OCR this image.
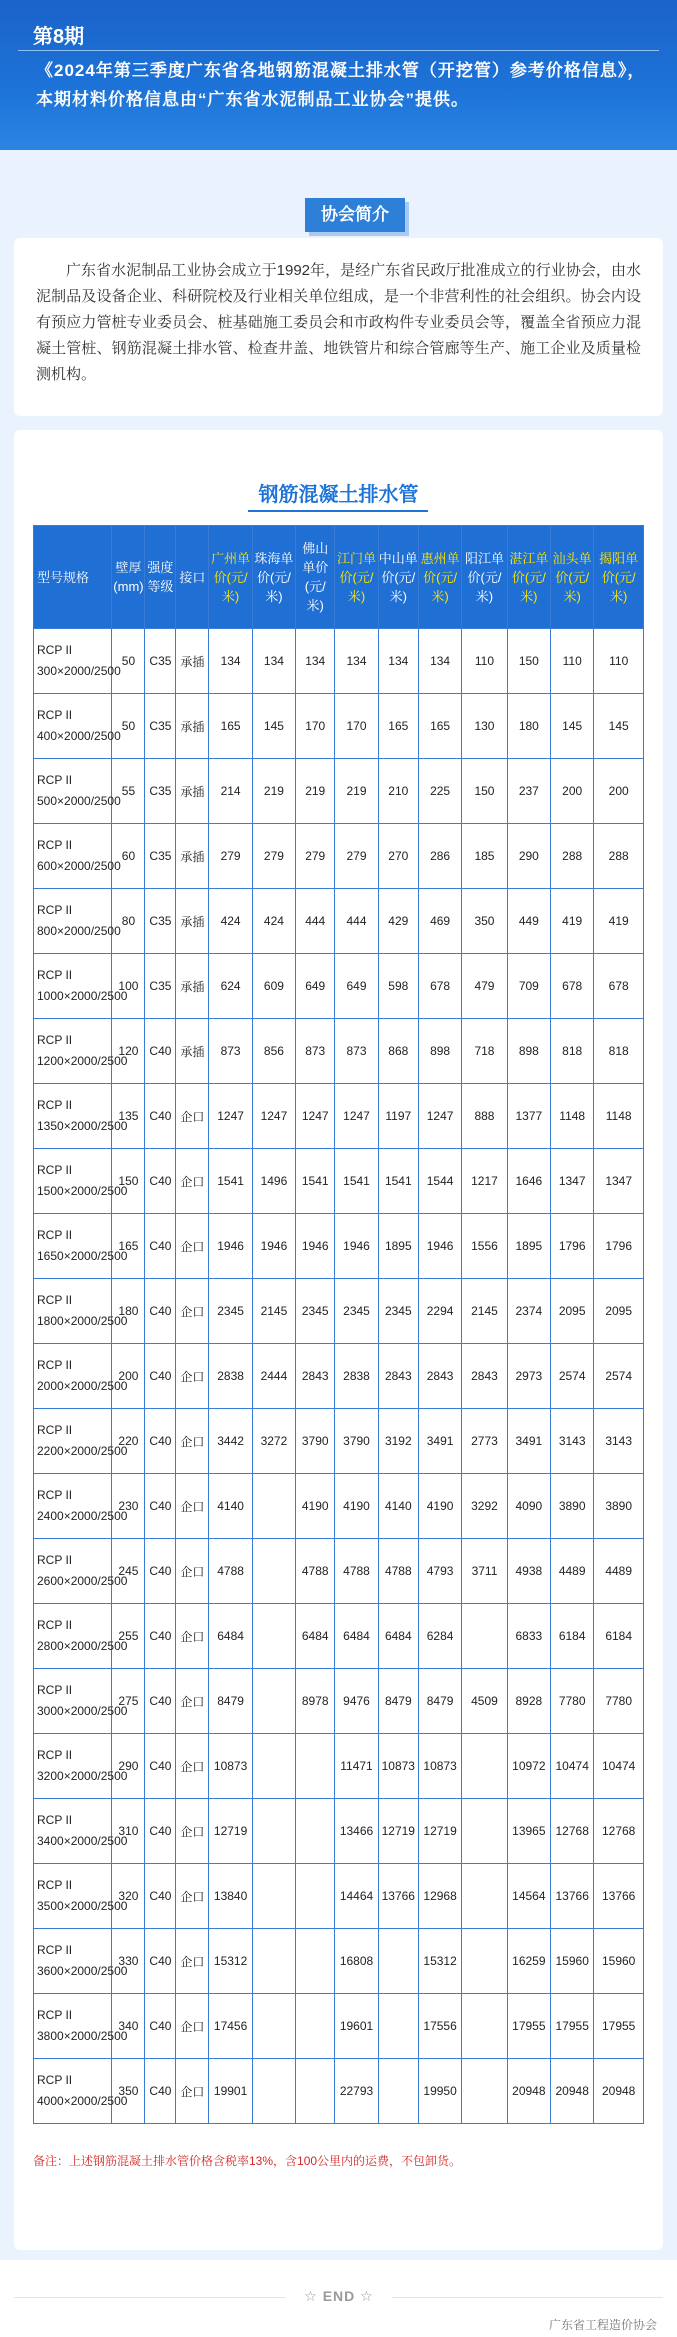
第8期
《2024年第三季度广东省各地钢筋混凝土排水管（开挖管）参考价格信息》，本期材料价格信息由“广东省水泥制品工业协会”提供。
协会简介
广东省水泥制品工业协会成立于1992年，是经广东省民政厅批准成立的行业协会，由水泥制品及设备企业、科研院校及行业相关单位组成，是一个非营利性的社会组织。协会内设有预应力管桩专业委员会、桩基础施工委员会和市政构件专业委员会等，覆盖全省预应力混凝土管桩、钢筋混凝土排水管、检查井盖、地铁管片和综合管廊等生产、施工企业及质量检测机构。
钢筋混凝土排水管
型号规格	壁厚(mm)	强度等级	接口	广州单价(元/米)	珠海单价(元/米)	佛山单价(元/米)	江门单价(元/米)	中山单价(元/米)	惠州单价(元/米)	阳江单价(元/米)	湛江单价(元/米)	汕头单价(元/米)	揭阳单价(元/米)
RCP II 300×2000/2500	50	C35	承插	134	134	134	134	134	134	110	150	110	110
RCP II 400×2000/2500	50	C35	承插	165	145	170	170	165	165	130	180	145	145
RCP II 500×2000/2500	55	C35	承插	214	219	219	219	210	225	150	237	200	200
RCP II 600×2000/2500	60	C35	承插	279	279	279	279	270	286	185	290	288	288
RCP II 800×2000/2500	80	C35	承插	424	424	444	444	429	469	350	449	419	419
RCP II 1000×2000/2500	100	C35	承插	624	609	649	649	598	678	479	709	678	678
RCP II 1200×2000/2500	120	C40	承插	873	856	873	873	868	898	718	898	818	818
RCP II 1350×2000/2500	135	C40	企口	1247	1247	1247	1247	1197	1247	888	1377	1148	1148
RCP II 1500×2000/2500	150	C40	企口	1541	1496	1541	1541	1541	1544	1217	1646	1347	1347
RCP II 1650×2000/2500	165	C40	企口	1946	1946	1946	1946	1895	1946	1556	1895	1796	1796
RCP II 1800×2000/2500	180	C40	企口	2345	2145	2345	2345	2345	2294	2145	2374	2095	2095
RCP II 2000×2000/2500	200	C40	企口	2838	2444	2843	2838	2843	2843	2843	2973	2574	2574
RCP II 2200×2000/2500	220	C40	企口	3442	3272	3790	3790	3192	3491	2773	3491	3143	3143
RCP II 2400×2000/2500	230	C40	企口	4140		4190	4190	4140	4190	3292	4090	3890	3890
RCP II 2600×2000/2500	245	C40	企口	4788		4788	4788	4788	4793	3711	4938	4489	4489
RCP II 2800×2000/2500	255	C40	企口	6484		6484	6484	6484	6284		6833	6184	6184
RCP II 3000×2000/2500	275	C40	企口	8479		8978	9476	8479	8479	4509	8928	7780	7780
RCP II 3200×2000/2500	290	C40	企口	10873			11471	10873	10873		10972	10474	10474
RCP II 3400×2000/2500	310	C40	企口	12719			13466	12719	12719		13965	12768	12768
RCP II 3500×2000/2500	320	C40	企口	13840			14464	13766	12968		14564	13766	13766
RCP II 3600×2000/2500	330	C40	企口	15312			16808		15312		16259	15960	15960
RCP II 3800×2000/2500	340	C40	企口	17456			19601		17556		17955	17955	17955
RCP II 4000×2000/2500	350	C40	企口	19901			22793		19950		20948	20948	20948
备注：上述钢筋混凝土排水管价格含税率13%，含100公里内的运费，不包卸货。
☆ END ☆
广东省工程造价协会
